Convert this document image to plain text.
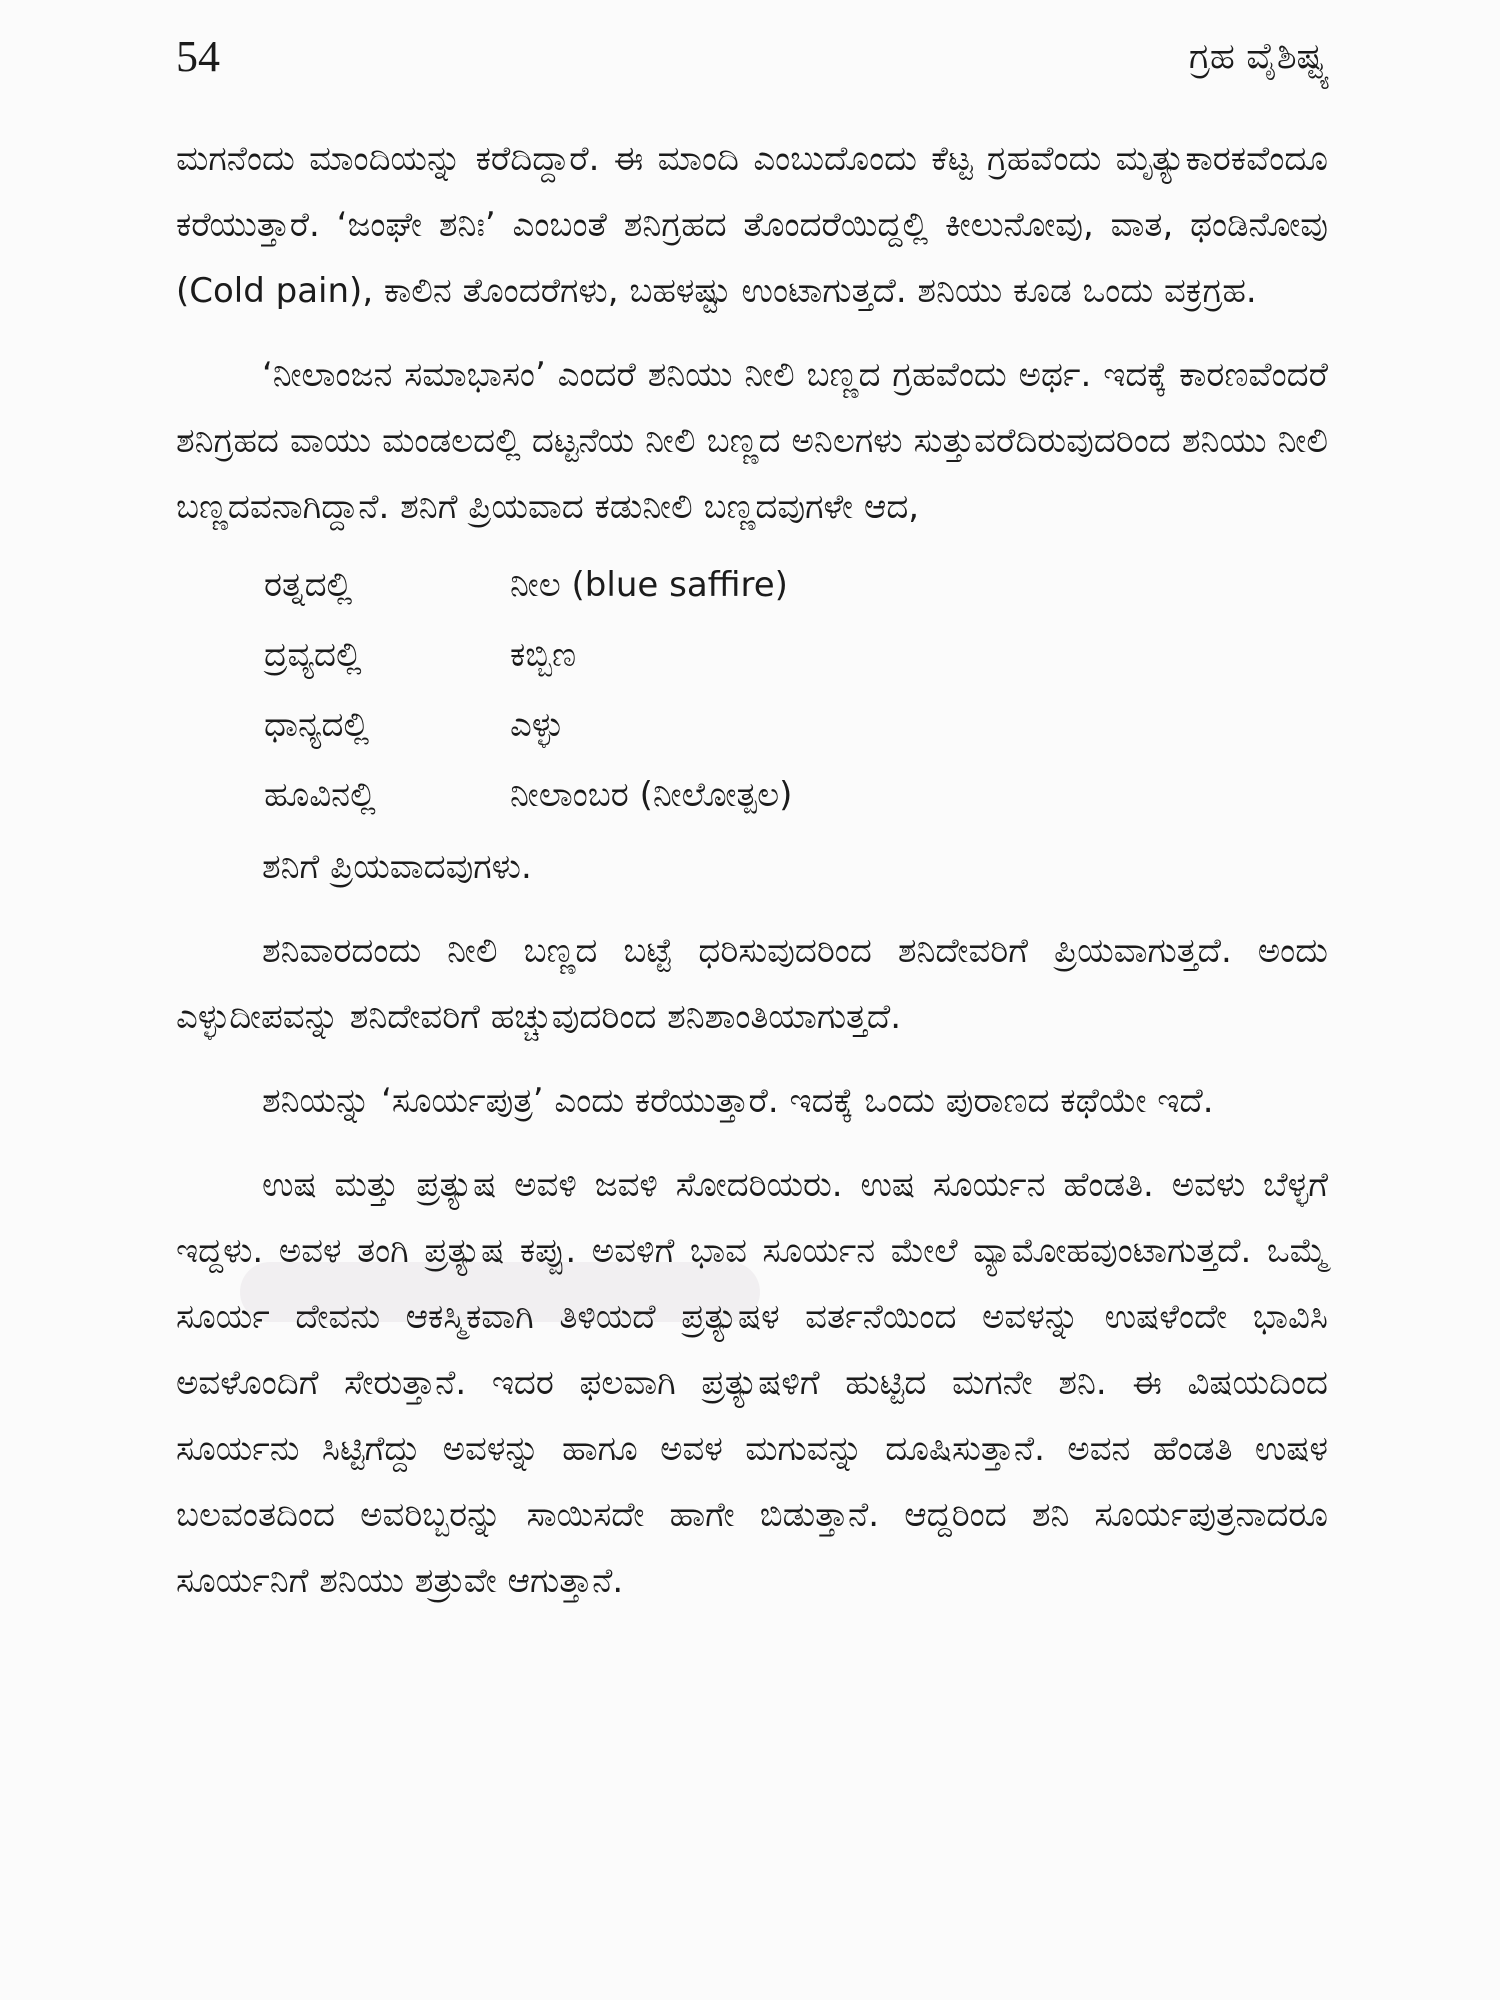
54	ಗ್ರಹ ವೈಶಿಷ್ಟ್ಯ

ಮಗನೆಂದು ಮಾಂದಿಯನ್ನು ಕರೆದಿದ್ದಾರೆ. ಈ ಮಾಂದಿ ಎಂಬುದೊಂದು ಕೆಟ್ಟ ಗ್ರಹವೆಂದು ಮೃತ್ಯುಕಾರಕವೆಂದೂ ಕರೆಯುತ್ತಾರೆ. ‘ಜಂಘೇ ಶನಿಃ’ ಎಂಬಂತೆ ಶನಿಗ್ರಹದ ತೊಂದರೆಯಿದ್ದಲ್ಲಿ ಕೀಲುನೋವು, ವಾತ, ಥಂಡಿನೋವು (Cold pain), ಕಾಲಿನ ತೊಂದರೆಗಳು, ಬಹಳಷ್ಟು ಉಂಟಾಗುತ್ತದೆ. ಶನಿಯು ಕೂಡ ಒಂದು ವಕ್ರಗ್ರಹ.

‘ನೀಲಾಂಜನ ಸಮಾಭಾಸಂ’ ಎಂದರೆ ಶನಿಯು ನೀಲಿ ಬಣ್ಣದ ಗ್ರಹವೆಂದು ಅರ್ಥ. ಇದಕ್ಕೆ ಕಾರಣವೆಂದರೆ ಶನಿಗ್ರಹದ ವಾಯು ಮಂಡಲದಲ್ಲಿ ದಟ್ಟನೆಯ ನೀಲಿ ಬಣ್ಣದ ಅನಿಲಗಳು ಸುತ್ತುವರೆದಿರುವುದರಿಂದ ಶನಿಯು ನೀಲಿ ಬಣ್ಣದವನಾಗಿದ್ದಾನೆ. ಶನಿಗೆ ಪ್ರಿಯವಾದ ಕಡುನೀಲಿ ಬಣ್ಣದವುಗಳೇ ಆದ,

ರತ್ನದಲ್ಲಿ	ನೀಲ (blue saffire)
ದ್ರವ್ಯದಲ್ಲಿ	ಕಬ್ಬಿಣ
ಧಾನ್ಯದಲ್ಲಿ	ಎಳ್ಳು
ಹೂವಿನಲ್ಲಿ	ನೀಲಾಂಬರ (ನೀಲೋತ್ಪಲ)

ಶನಿಗೆ ಪ್ರಿಯವಾದವುಗಳು.

ಶನಿವಾರದಂದು ನೀಲಿ ಬಣ್ಣದ ಬಟ್ಟೆ ಧರಿಸುವುದರಿಂದ ಶನಿದೇವರಿಗೆ ಪ್ರಿಯವಾಗುತ್ತದೆ. ಅಂದು ಎಳ್ಳುದೀಪವನ್ನು ಶನಿದೇವರಿಗೆ ಹಚ್ಚುವುದರಿಂದ ಶನಿಶಾಂತಿಯಾಗುತ್ತದೆ.

ಶನಿಯನ್ನು ‘ಸೂರ್ಯಪುತ್ರ’ ಎಂದು ಕರೆಯುತ್ತಾರೆ. ಇದಕ್ಕೆ ಒಂದು ಪುರಾಣದ ಕಥೆಯೇ ಇದೆ.

ಉಷ ಮತ್ತು ಪ್ರತ್ಯುಷ ಅವಳಿ ಜವಳಿ ಸೋದರಿಯರು. ಉಷ ಸೂರ್ಯನ ಹೆಂಡತಿ. ಅವಳು ಬೆಳ್ಳಗೆ ಇದ್ದಳು. ಅವಳ ತಂಗಿ ಪ್ರತ್ಯುಷ ಕಪ್ಪು. ಅವಳಿಗೆ ಭಾವ ಸೂರ್ಯನ ಮೇಲೆ ವ್ಯಾಮೋಹವುಂಟಾಗುತ್ತದೆ. ಒಮ್ಮೆ ಸೂರ್ಯ ದೇವನು ಆಕಸ್ಮಿಕವಾಗಿ ತಿಳಿಯದೆ ಪ್ರತ್ಯುಷಳ ವರ್ತನೆಯಿಂದ ಅವಳನ್ನು ಉಷಳೆಂದೇ ಭಾವಿಸಿ ಅವಳೊಂದಿಗೆ ಸೇರುತ್ತಾನೆ. ಇದರ ಫಲವಾಗಿ ಪ್ರತ್ಯುಷಳಿಗೆ ಹುಟ್ಟಿದ ಮಗನೇ ಶನಿ. ಈ ವಿಷಯದಿಂದ ಸೂರ್ಯನು ಸಿಟ್ಟಿಗೆದ್ದು ಅವಳನ್ನು ಹಾಗೂ ಅವಳ ಮಗುವನ್ನು ದೂಷಿಸುತ್ತಾನೆ. ಅವನ ಹೆಂಡತಿ ಉಷಳ ಬಲವಂತದಿಂದ ಅವರಿಬ್ಬರನ್ನು ಸಾಯಿಸದೇ ಹಾಗೇ ಬಿಡುತ್ತಾನೆ. ಆದ್ದರಿಂದ ಶನಿ ಸೂರ್ಯಪುತ್ರನಾದರೂ ಸೂರ್ಯನಿಗೆ ಶನಿಯು ಶತ್ರುವೇ ಆಗುತ್ತಾನೆ.
